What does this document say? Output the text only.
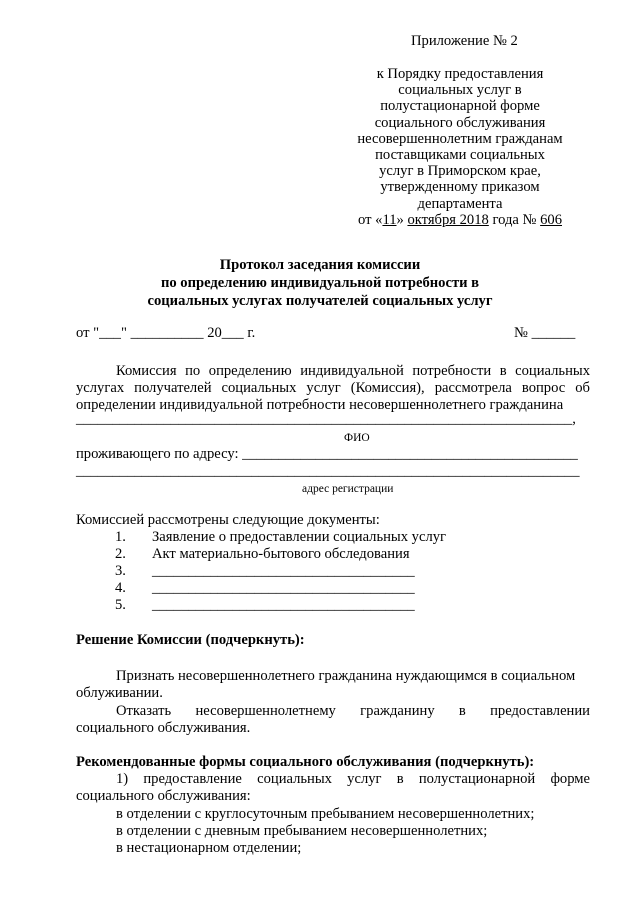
Приложение № 2
к Порядку предоставления
социальных услуг в
полустационарной форме
социального обслуживания
несовершеннолетним гражданам
поставщиками социальных
услуг в Приморском крае,
утвержденному приказом
департамента
от «11» октября 2018 года № 606
Протокол заседания комиссии
по определению индивидуальной потребности в
социальных услугах получателей социальных услуг
от "___" __________ 20___ г.	№ ______
Комиссия по определению индивидуальной потребности в социальных
услугах получателей социальных услуг (Комиссия), рассмотрела вопрос об
определении индивидуальной потребности несовершеннолетнего гражданина
____________________________________________________________________,
ФИО
проживающего по адресу: ______________________________________________
_____________________________________________________________________
адрес регистрации
Комиссией рассмотрены следующие документы:
1. Заявление о предоставлении социальных услуг
2. Акт материально-бытового обследования
3. ____________________________________
4. ____________________________________
5. ____________________________________
Решение Комиссии (подчеркнуть):
Признать несовершеннолетнего гражданина нуждающимся в социальном
облуживании.
Отказать несовершеннолетнему гражданину в предоставлении
социального обслуживания.
Рекомендованные формы социального обслуживания (подчеркнуть):
1) предоставление социальных услуг в полустационарной форме
социального обслуживания:
в отделении с круглосуточным пребыванием несовершеннолетних;
в отделении с дневным пребыванием несовершеннолетних;
в нестационарном отделении;
